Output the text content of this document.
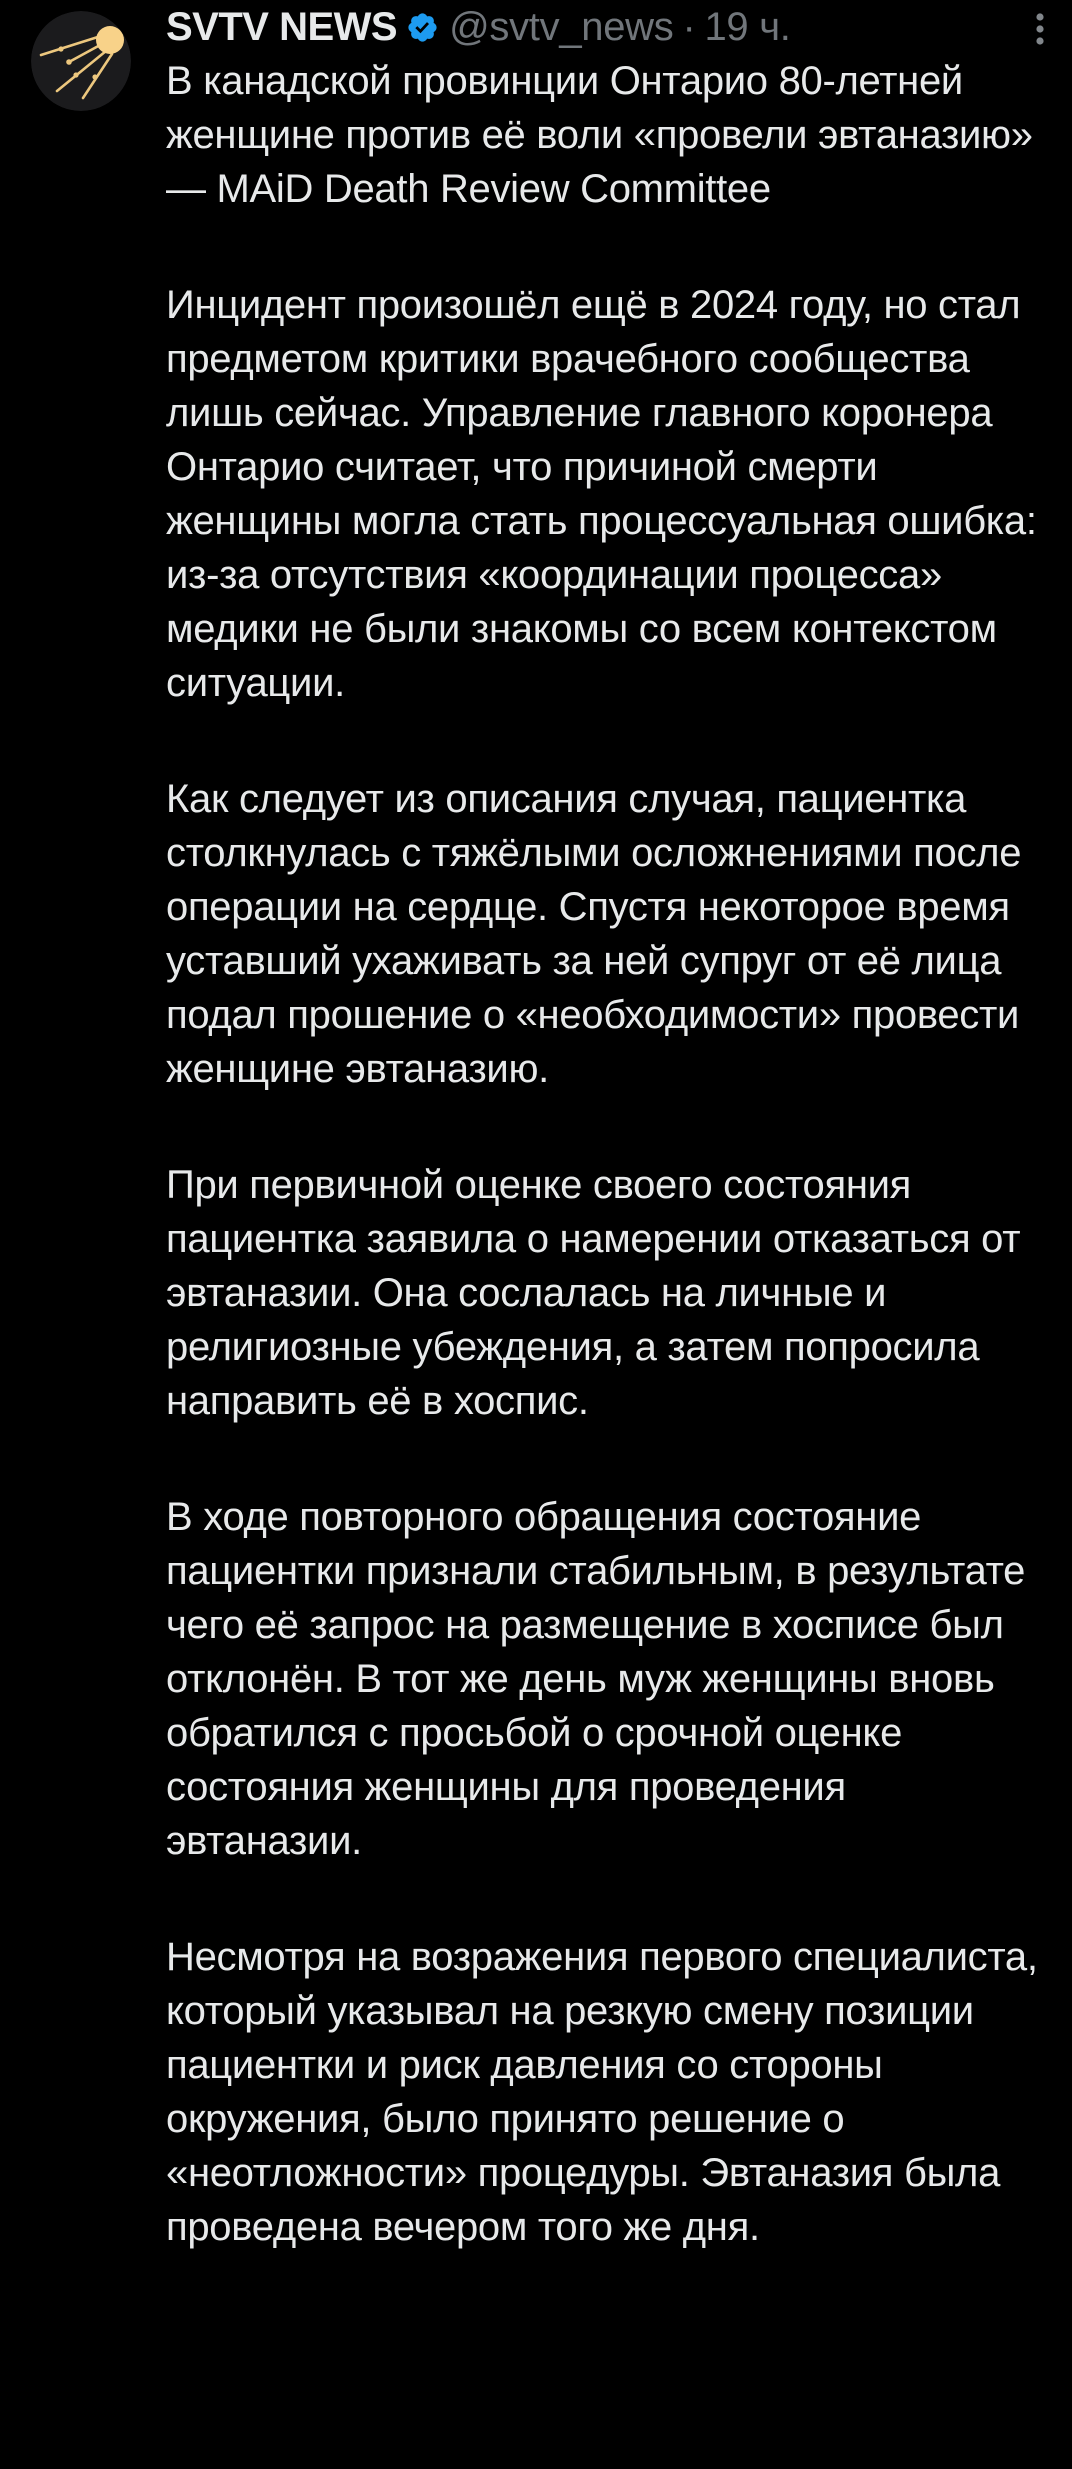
SVTV NEWS @svtv_news · 19 ч.

В канадской провинции Онтарио 80-летней женщине против её воли «провели эвтаназию» — MAiD Death Review Committee

Инцидент произошёл ещё в 2024 году, но стал предметом критики врачебного сообщества лишь сейчас. Управление главного коронера Онтарио считает, что причиной смерти женщины могла стать процессуальная ошибка: из-за отсутствия «координации процесса» медики не были знакомы со всем контекстом ситуации.

Как следует из описания случая, пациентка столкнулась с тяжёлыми осложнениями после операции на сердце. Спустя некоторое время уставший ухаживать за ней супруг от её лица подал прошение о «необходимости» провести женщине эвтаназию.

При первичной оценке своего состояния пациентка заявила о намерении отказаться от эвтаназии. Она сослалась на личные и религиозные убеждения, а затем попросила направить её в хоспис.

В ходе повторного обращения состояние пациентки признали стабильным, в результате чего её запрос на размещение в хосписе был отклонён. В тот же день муж женщины вновь обратился с просьбой о срочной оценке состояния женщины для проведения эвтаназии.

Несмотря на возражения первого специалиста, который указывал на резкую смену позиции пациентки и риск давления со стороны окружения, было принято решение о «неотложности» процедуры. Эвтаназия была проведена вечером того же дня.
